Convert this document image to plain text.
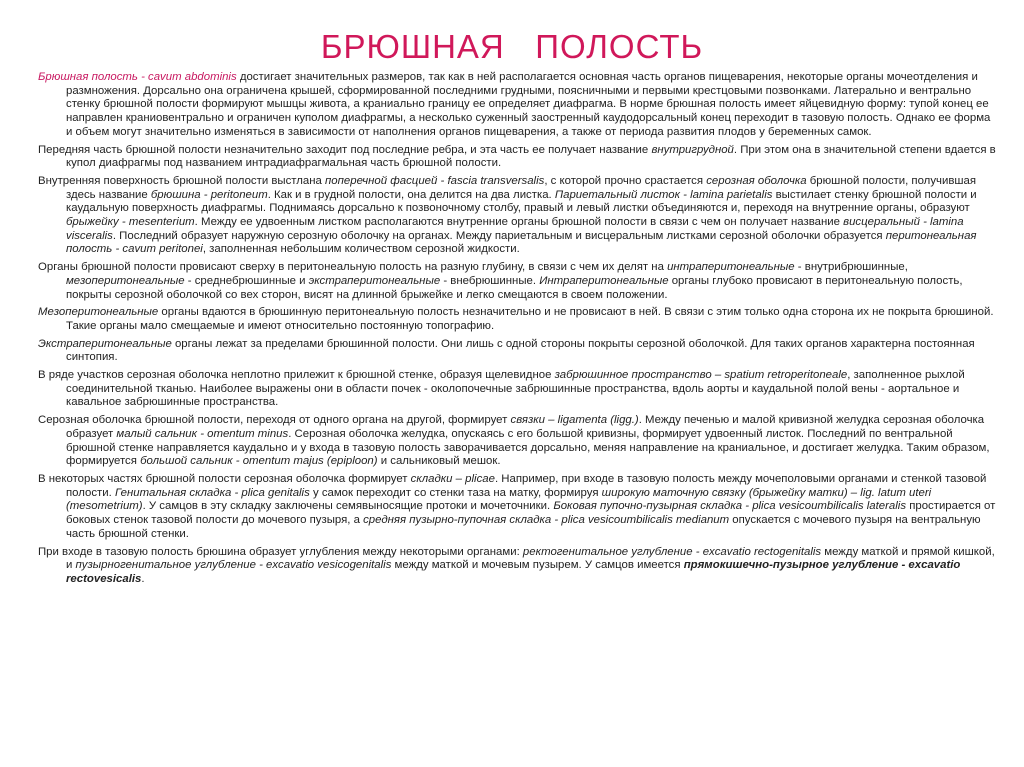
БРЮШНАЯ   ПОЛОСТЬ

Брюшная полость - cavum abdominis достигает значительных размеров, так как в ней располагается основная часть органов пищеварения, некоторые органы мочеотделения и размножения. Дорсально она ограничена крышей, сформированной последними грудными, поясничными и первыми крестцовыми позвонками. Латерально и вентрально стенку брюшной полости формируют мышцы живота, а краниально границу ее определяет диафрагма. В норме брюшная полость имеет яйцевидную форму: тупой конец ее направлен краниовентрально и ограничен куполом диафрагмы, а несколько суженный заостренный каудодорсальный конец переходит в тазовую полость. Однако ее форма и объем могут значительно изменяться в зависимости от наполнения органов пищеварения, а также от периода развития плодов у беременных самок.

Передняя часть брюшной полости незначительно заходит под последние ребра, и эта часть ее получает название внутригрудной. При этом она в значительной степени вдается в купол диафрагмы под названием интрадиафрагмальная часть брюшной полости.

Внутренняя поверхность брюшной полости выстлана поперечной фасцией - fascia transversalis, с которой прочно срастается серозная оболочка брюшной полости, получившая здесь название брюшина - peritoneum. Как и в грудной полости, она делится на два листка. Париетальный листок - lamina parietalis выстилает стенку брюшной полости и каудальную поверхность диафрагмы. Поднимаясь дорсально к позвоночному столбу, правый и левый листки объединяются и, переходя на внутренние органы, образуют брыжейку - mesenterium. Между ее удвоенным листком располагаются внутренние органы брюшной полости в связи с чем он получает название висцеральный - lamina visceralis. Последний образует наружную серозную оболочку на органах. Между париетальным и висцеральным листками серозной оболочки образуется перитонеальная полость - cavum peritonei, заполненная небольшим количеством серозной жидкости.

Органы брюшной полости провисают сверху в перитонеальную полость на разную глубину, в связи с чем их делят на интраперитонеальные - внутрибрюшинные, мезоперитонеальные - среднебрюшинные и экстраперитонеальные - внебрюшинные. Интраперитонеальные органы глубоко провисают в перитонеальную полость, покрыты серозной оболочкой со вех сторон, висят на длинной брыжейке и легко смещаются в своем положении.

Мезоперитонеальные органы вдаются в брюшинную перитонеальную полость незначительно и не провисают в ней. В связи с этим только одна сторона их не покрыта брюшиной. Такие органы мало смещаемые и имеют относительно постоянную топографию.

Экстраперитонеальные органы лежат за пределами брюшинной полости. Они лишь с одной стороны покрыты серозной оболочкой. Для таких органов характерна постоянная синтопия.

В ряде участков серозная оболочка неплотно прилежит к брюшной стенке, образуя щелевидное забрюшинное пространство – spatium retroperitoneale, заполненное рыхлой соединительной тканью. Наиболее выражены они в области почек - околопочечные забрюшинные пространства, вдоль аорты и каудальной полой вены - аортальное и кавальное забрюшинные пространства.

Серозная оболочка брюшной полости, переходя от одного органа на другой, формирует связки – ligamenta (ligg.). Между печенью и малой кривизной желудка серозная оболочка образует малый сальник - omentum minus. Серозная оболочка желудка, опускаясь с его большой кривизны, формирует удвоенный листок. Последний по вентральной брюшной стенке направляется каудально и у входа в тазовую полость заворачивается дорсально, меняя направление на краниальное, и достигает желудка. Таким образом, формируется большой сальник - omentum majus (epiploon) и сальниковый мешок.

В некоторых частях брюшной полости серозная оболочка формирует складки – plicae. Например, при входе в тазовую полость между мочеполовыми органами и стенкой тазовой полости. Генитальная складка - plica genitalis у самок переходит со стенки таза на матку, формируя широкую маточную связку (брыжейку матки) – lig. latum uteri (mesometrium). У самцов в эту складку заключены семявыносящие протоки и мочеточники. Боковая пупочно-пузырная складка - plica vesicoumbilicalis lateralis простирается от боковых стенок тазовой полости до мочевого пузыря, а средняя пузырно-пупочная складка - plica vesicoumbilicalis medianum опускается с мочевого пузыря на вентральную часть брюшной стенки.

При входе в тазовую полость брюшина образует углубления между некоторыми органами: ректогенитальное углубление - excavatio rectogenitalis между маткой и прямой кишкой, и пузырногенитальное углубление - excavatio vesicogenitalis между маткой и мочевым пузырем. У самцов имеется прямокишечно-пузырное углубление - excavatio rectovesicalis.
